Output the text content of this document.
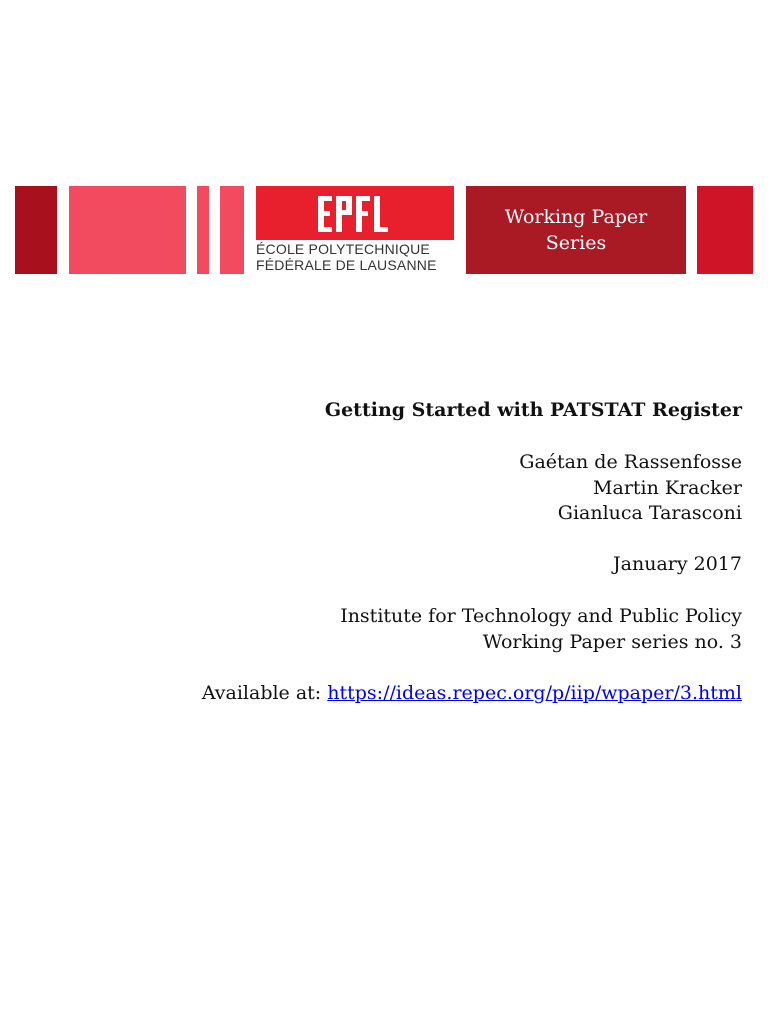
ÉCOLE POLYTECHNIQUE
FÉDÉRALE DE LAUSANNE
Working Paper
Series
Getting Started with PATSTAT Register
Gaétan de Rassenfosse
Martin Kracker
Gianluca Tarasconi
January 2017
Institute for Technology and Public Policy
Working Paper series no. 3
Available at: https://ideas.repec.org/p/iip/wpaper/3.html
